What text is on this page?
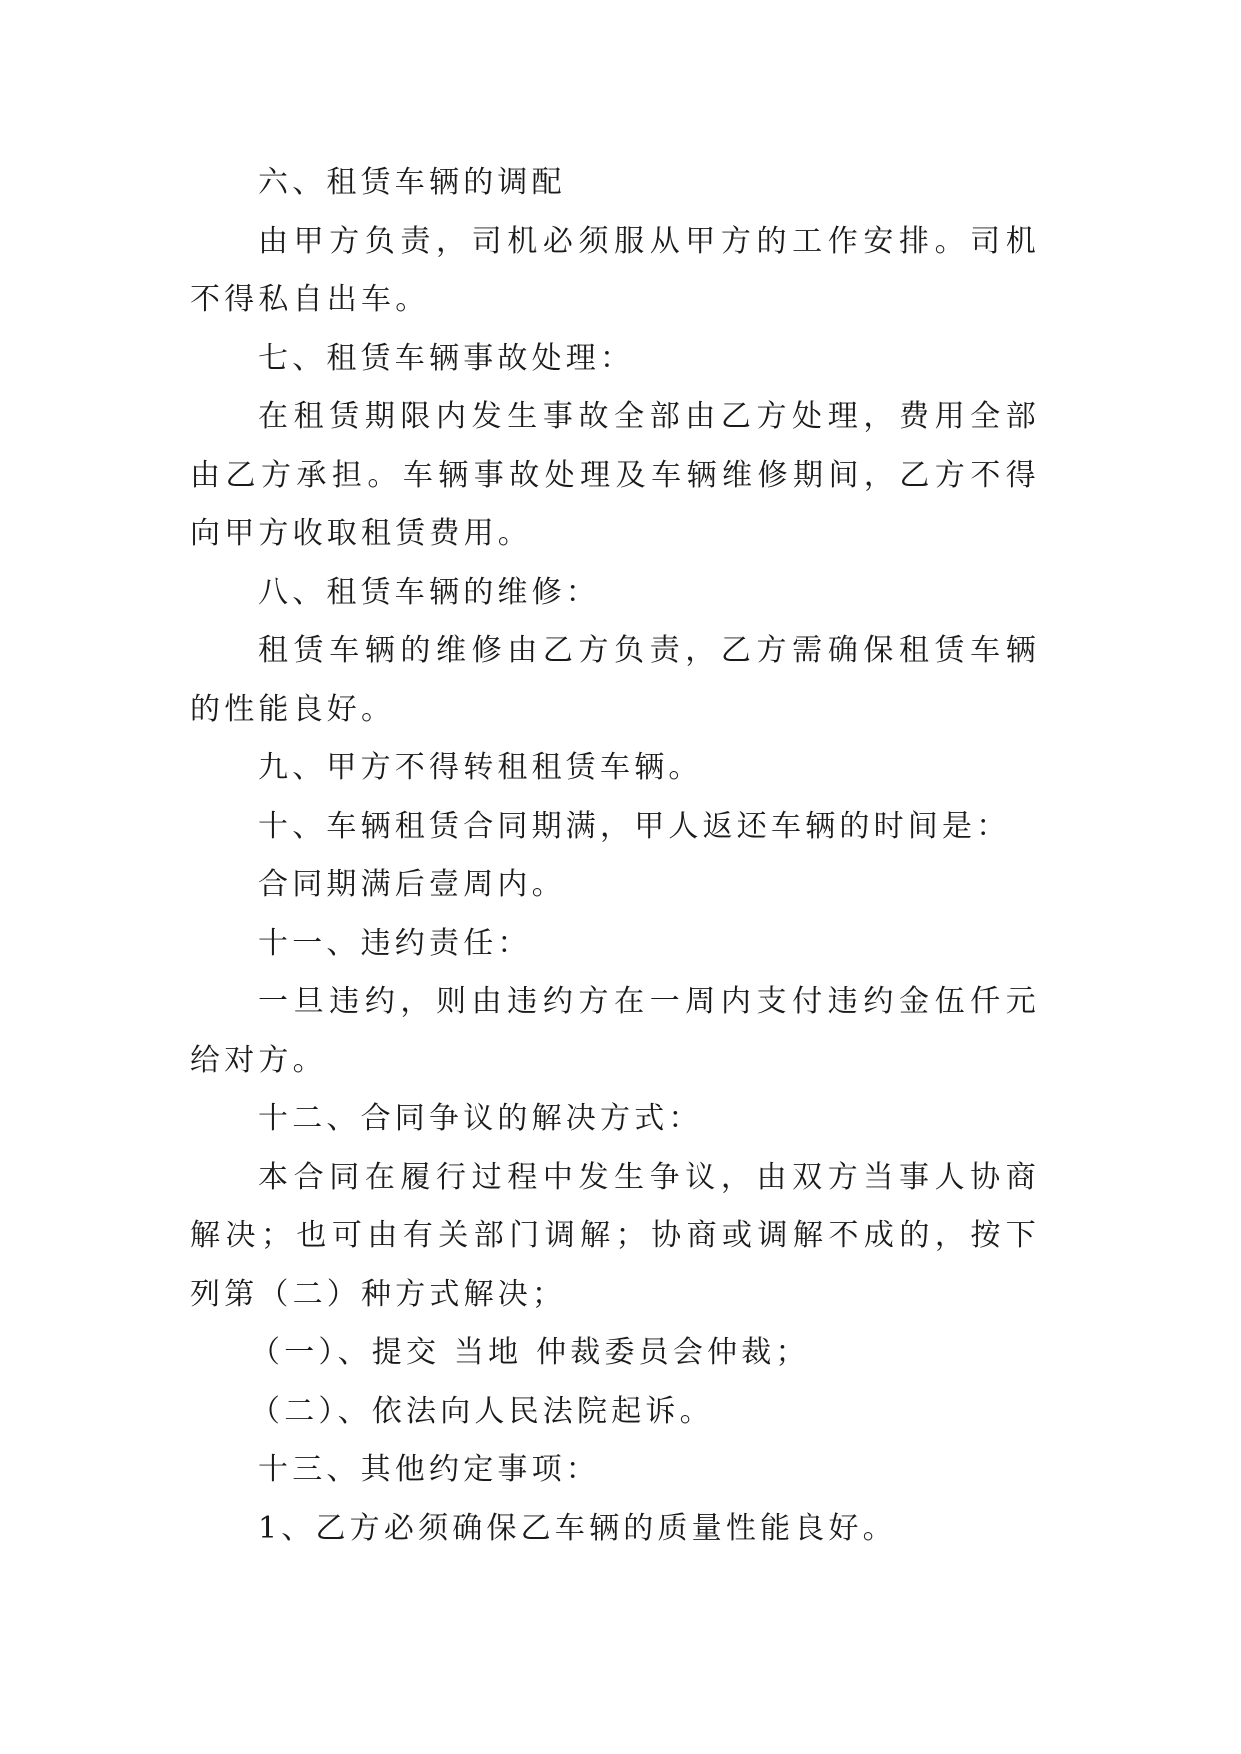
六、租赁车辆的调配

由甲方负责，司机必须服从甲方的工作安排。司机不得私自出车。

七、租赁车辆事故处理：

在租赁期限内发生事故全部由乙方处理，费用全部由乙方承担。车辆事故处理及车辆维修期间，乙方不得向甲方收取租赁费用。

八、租赁车辆的维修：

租赁车辆的维修由乙方负责，乙方需确保租赁车辆的性能良好。

九、甲方不得转租租赁车辆。

十、车辆租赁合同期满，甲人返还车辆的时间是：

合同期满后壹周内。

十一、违约责任：

一旦违约，则由违约方在一周内支付违约金伍仟元给对方。

十二、合同争议的解决方式：

本合同在履行过程中发生争议，由双方当事人协商解决；也可由有关部门调解；协商或调解不成的，按下列第（二）种方式解决；

（一）、提交 当地 仲裁委员会仲裁；

（二）、依法向人民法院起诉。

十三、其他约定事项：

1、乙方必须确保乙车辆的质量性能良好。
